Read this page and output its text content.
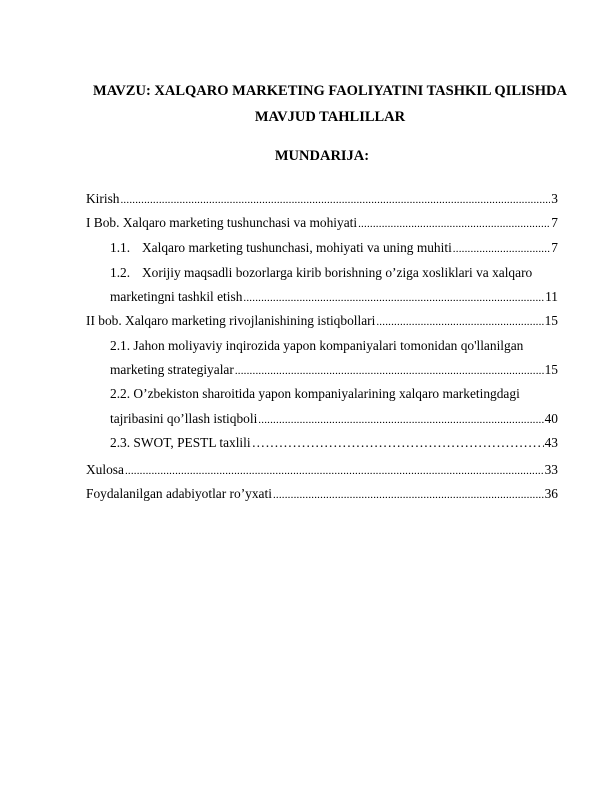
MAVZU: XALQARO MARKETING FAOLIYATINI TASHKIL QILISHDA
MAVJUD TAHLILLAR
MUNDARIJA:
Kirish .....	3
I Bob. Xalqaro marketing tushunchasi va mohiyati .....	7
1.1. Xalqaro marketing tushunchasi, mohiyati va uning muhiti .....	7
1.2. Xorijiy maqsadli bozorlarga kirib borishning o’ziga xosliklari va xalqaro
marketingni tashkil etish .....	11
II bob. Xalqaro marketing rivojlanishining istiqbollari .....	15
2.1. Jahon moliyaviy inqirozida yapon kompaniyalari tomonidan qo'llanilgan
marketing strategiyalar .....	15
2.2. O’zbekiston sharoitida yapon kompaniyalarining xalqaro marketingdagi
tajribasini qo’llash istiqboli .....	40
2.3. SWOT, PESTL taxlili …………………………………………………………………………………………………………………………………………	43
Xulosa .....	33
Foydalanilgan adabiyotlar ro’yxati .....	36
